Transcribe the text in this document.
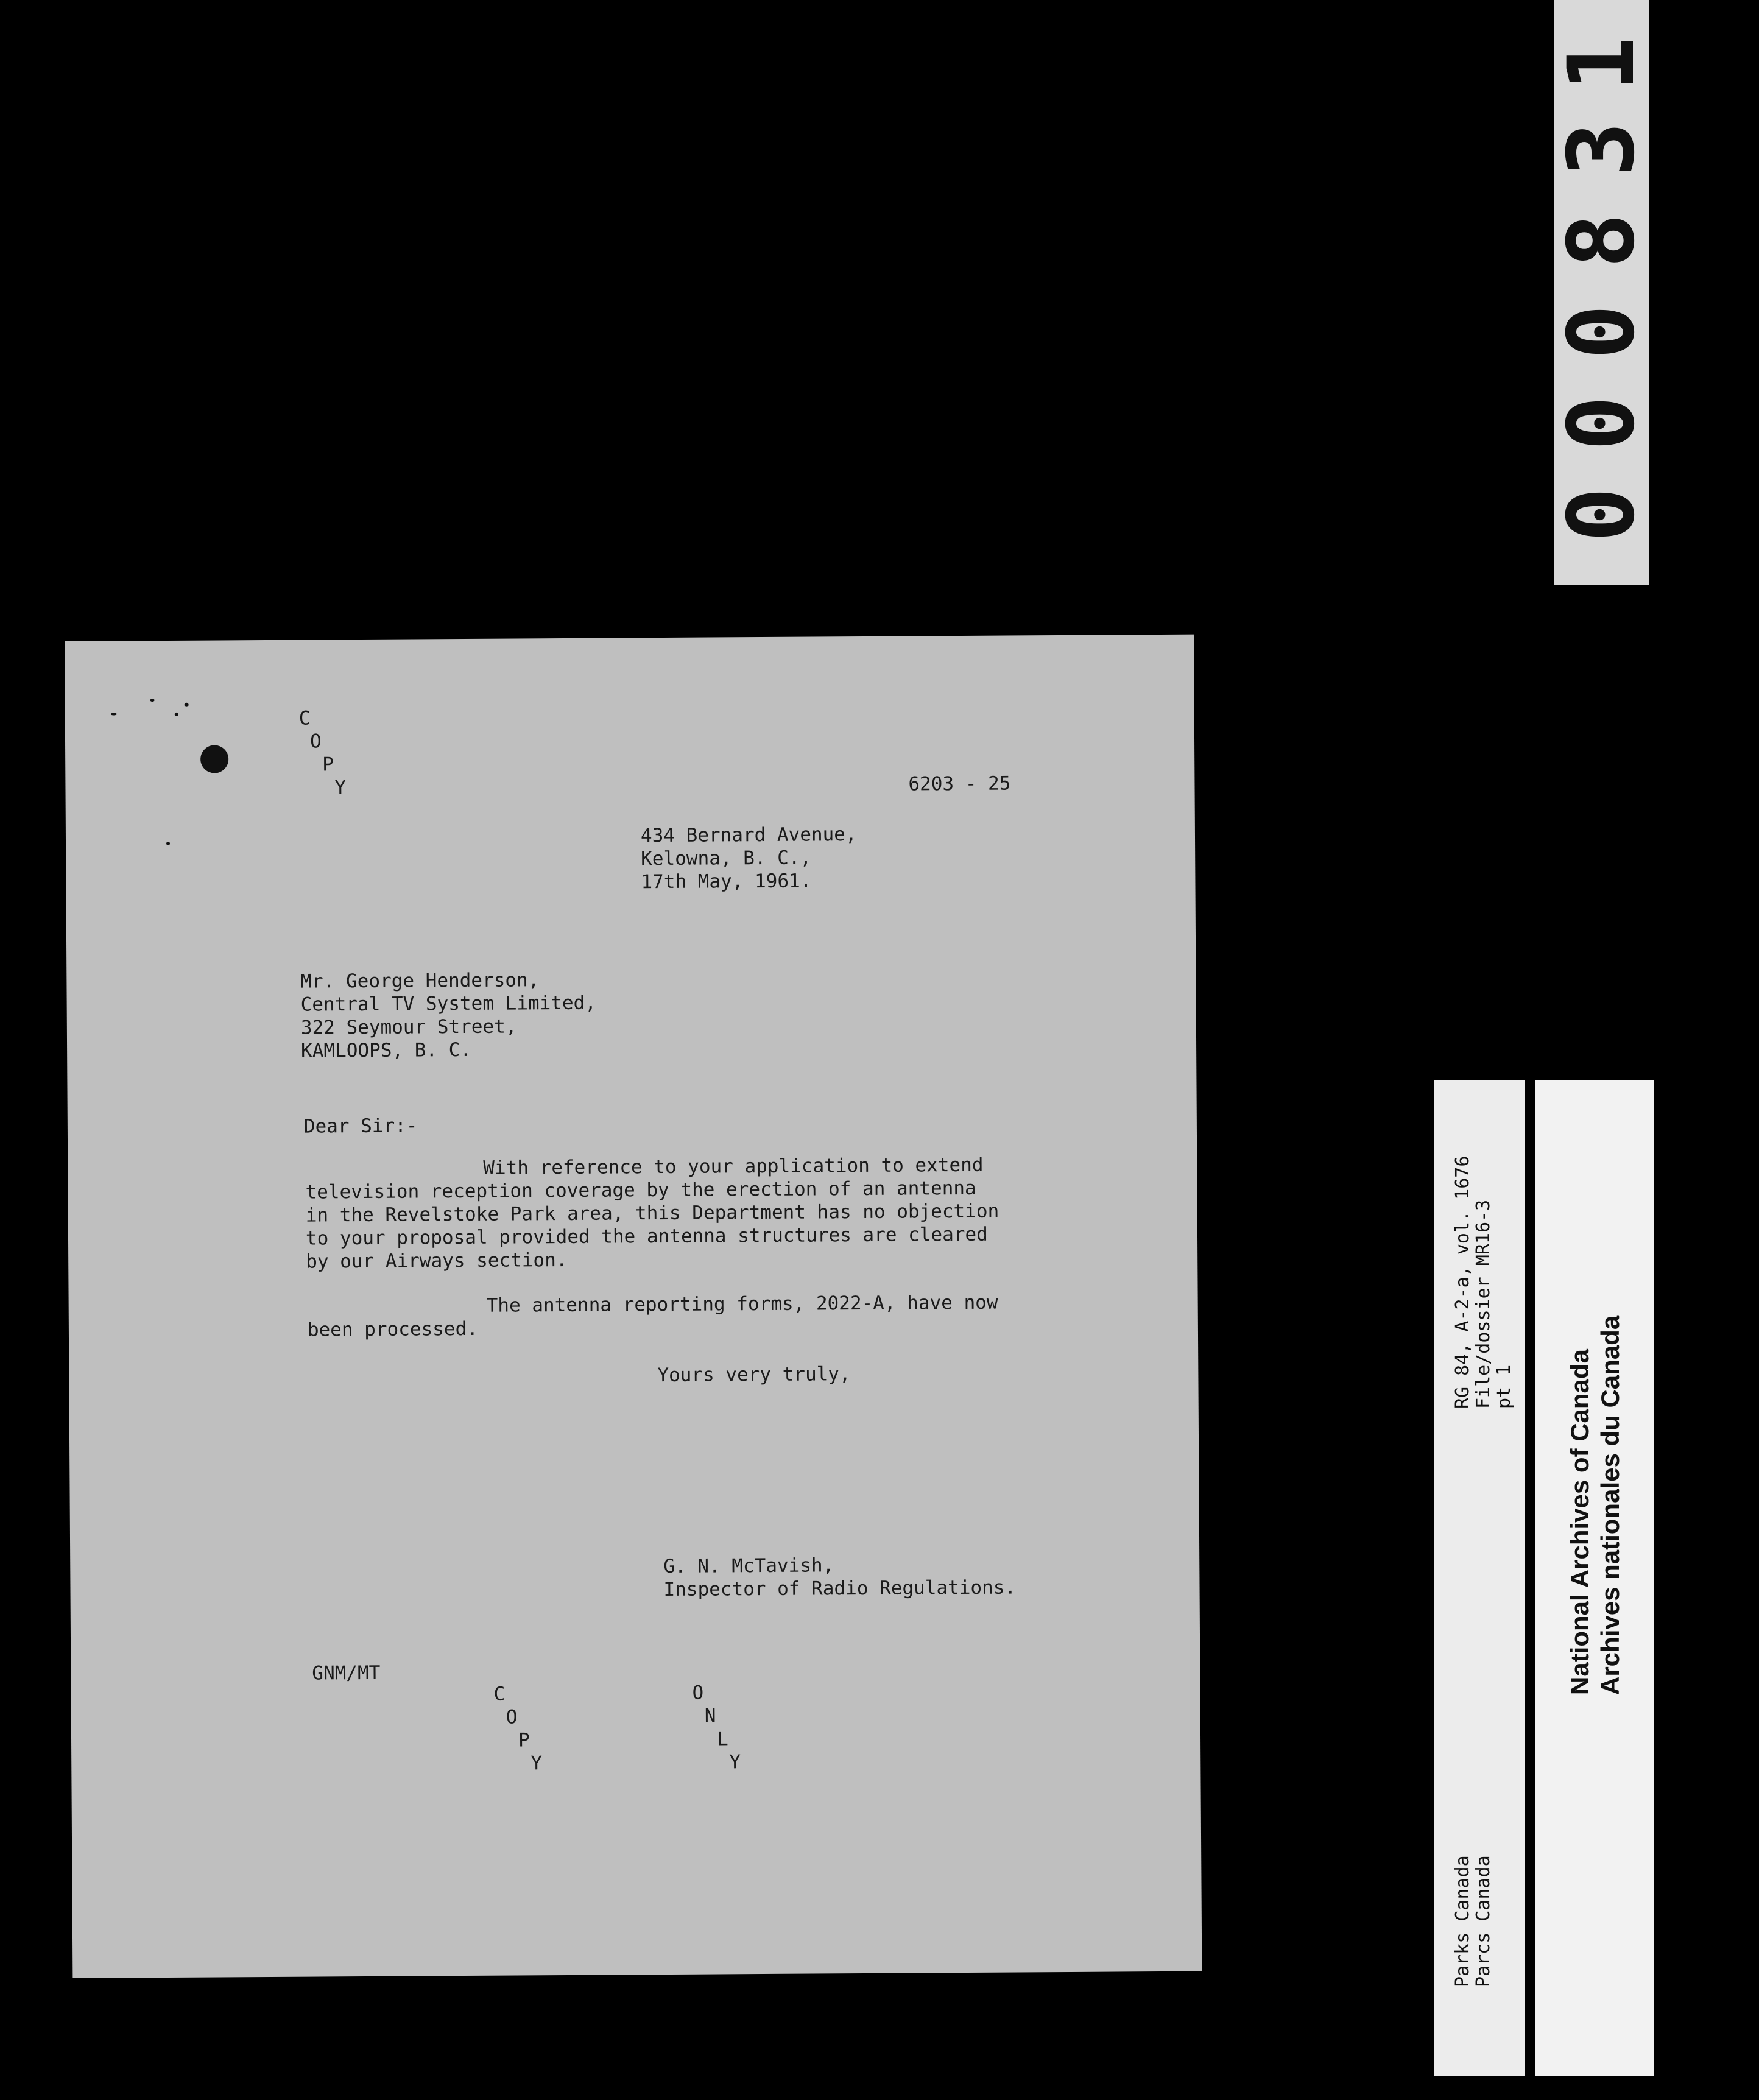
0
0
0
8
3
1
C
O
P
Y	6203 - 25
434 Bernard Avenue,
Kelowna, B. C.,
17th May, 1961.
Mr. George Henderson,
Central TV System Limited,
322 Seymour Street,
KAMLOOPS, B. C.
Dear Sir:-
With reference to your application to extend
television reception coverage by the erection of an antenna
in the Revelstoke Park area, this Department has no objection
to your proposal provided the antenna structures are cleared
by our Airways section.
The antenna reporting forms, 2022-A, have now
been processed.
Yours very truly,
G. N. McTavish,
Inspector of Radio Regulations.
GNM/MT
C
O
P
Y
O
N
L
Y
RG 84, A-2-a, vol. 1676 File/dossier MR16-3 pt 1
Parks Canada Parcs Canada
National Archives of Canada Archives nationales du Canada
